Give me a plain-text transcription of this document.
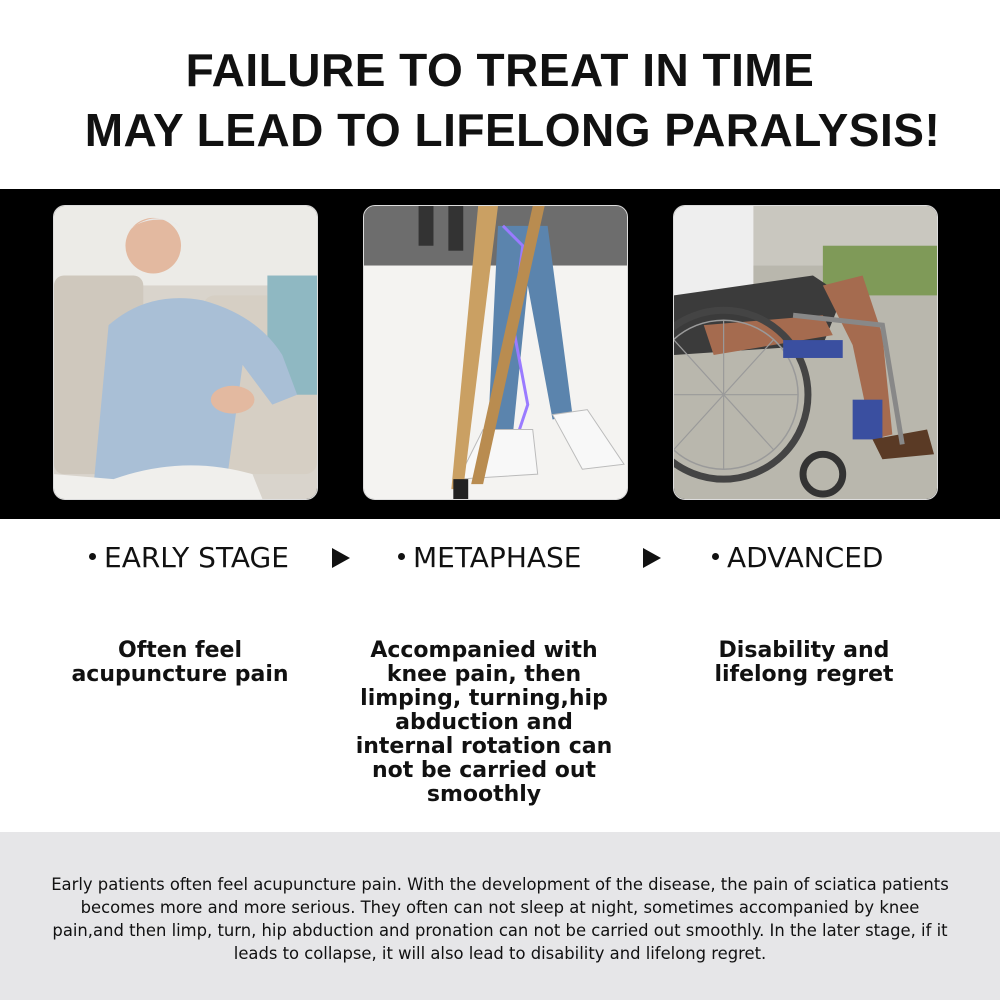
FAILURE TO TREAT IN TIME
MAY LEAD TO LIFELONG PARALYSIS!
EARLY STAGE	METAPHASE	ADVANCED
Often feel acupuncture pain
Accompanied with knee pain, then limping, turning,hip abduction and internal rotation can not be carried out smoothly
Disability and lifelong regret

Early patients often feel acupuncture pain. With the development of the disease, the pain of sciatica patients becomes more and more serious. They often can not sleep at night, sometimes accompanied by knee pain,and then limp, turn, hip abduction and pronation can not be carried out smoothly. In the later stage, if it leads to collapse, it will also lead to disability and lifelong regret.
